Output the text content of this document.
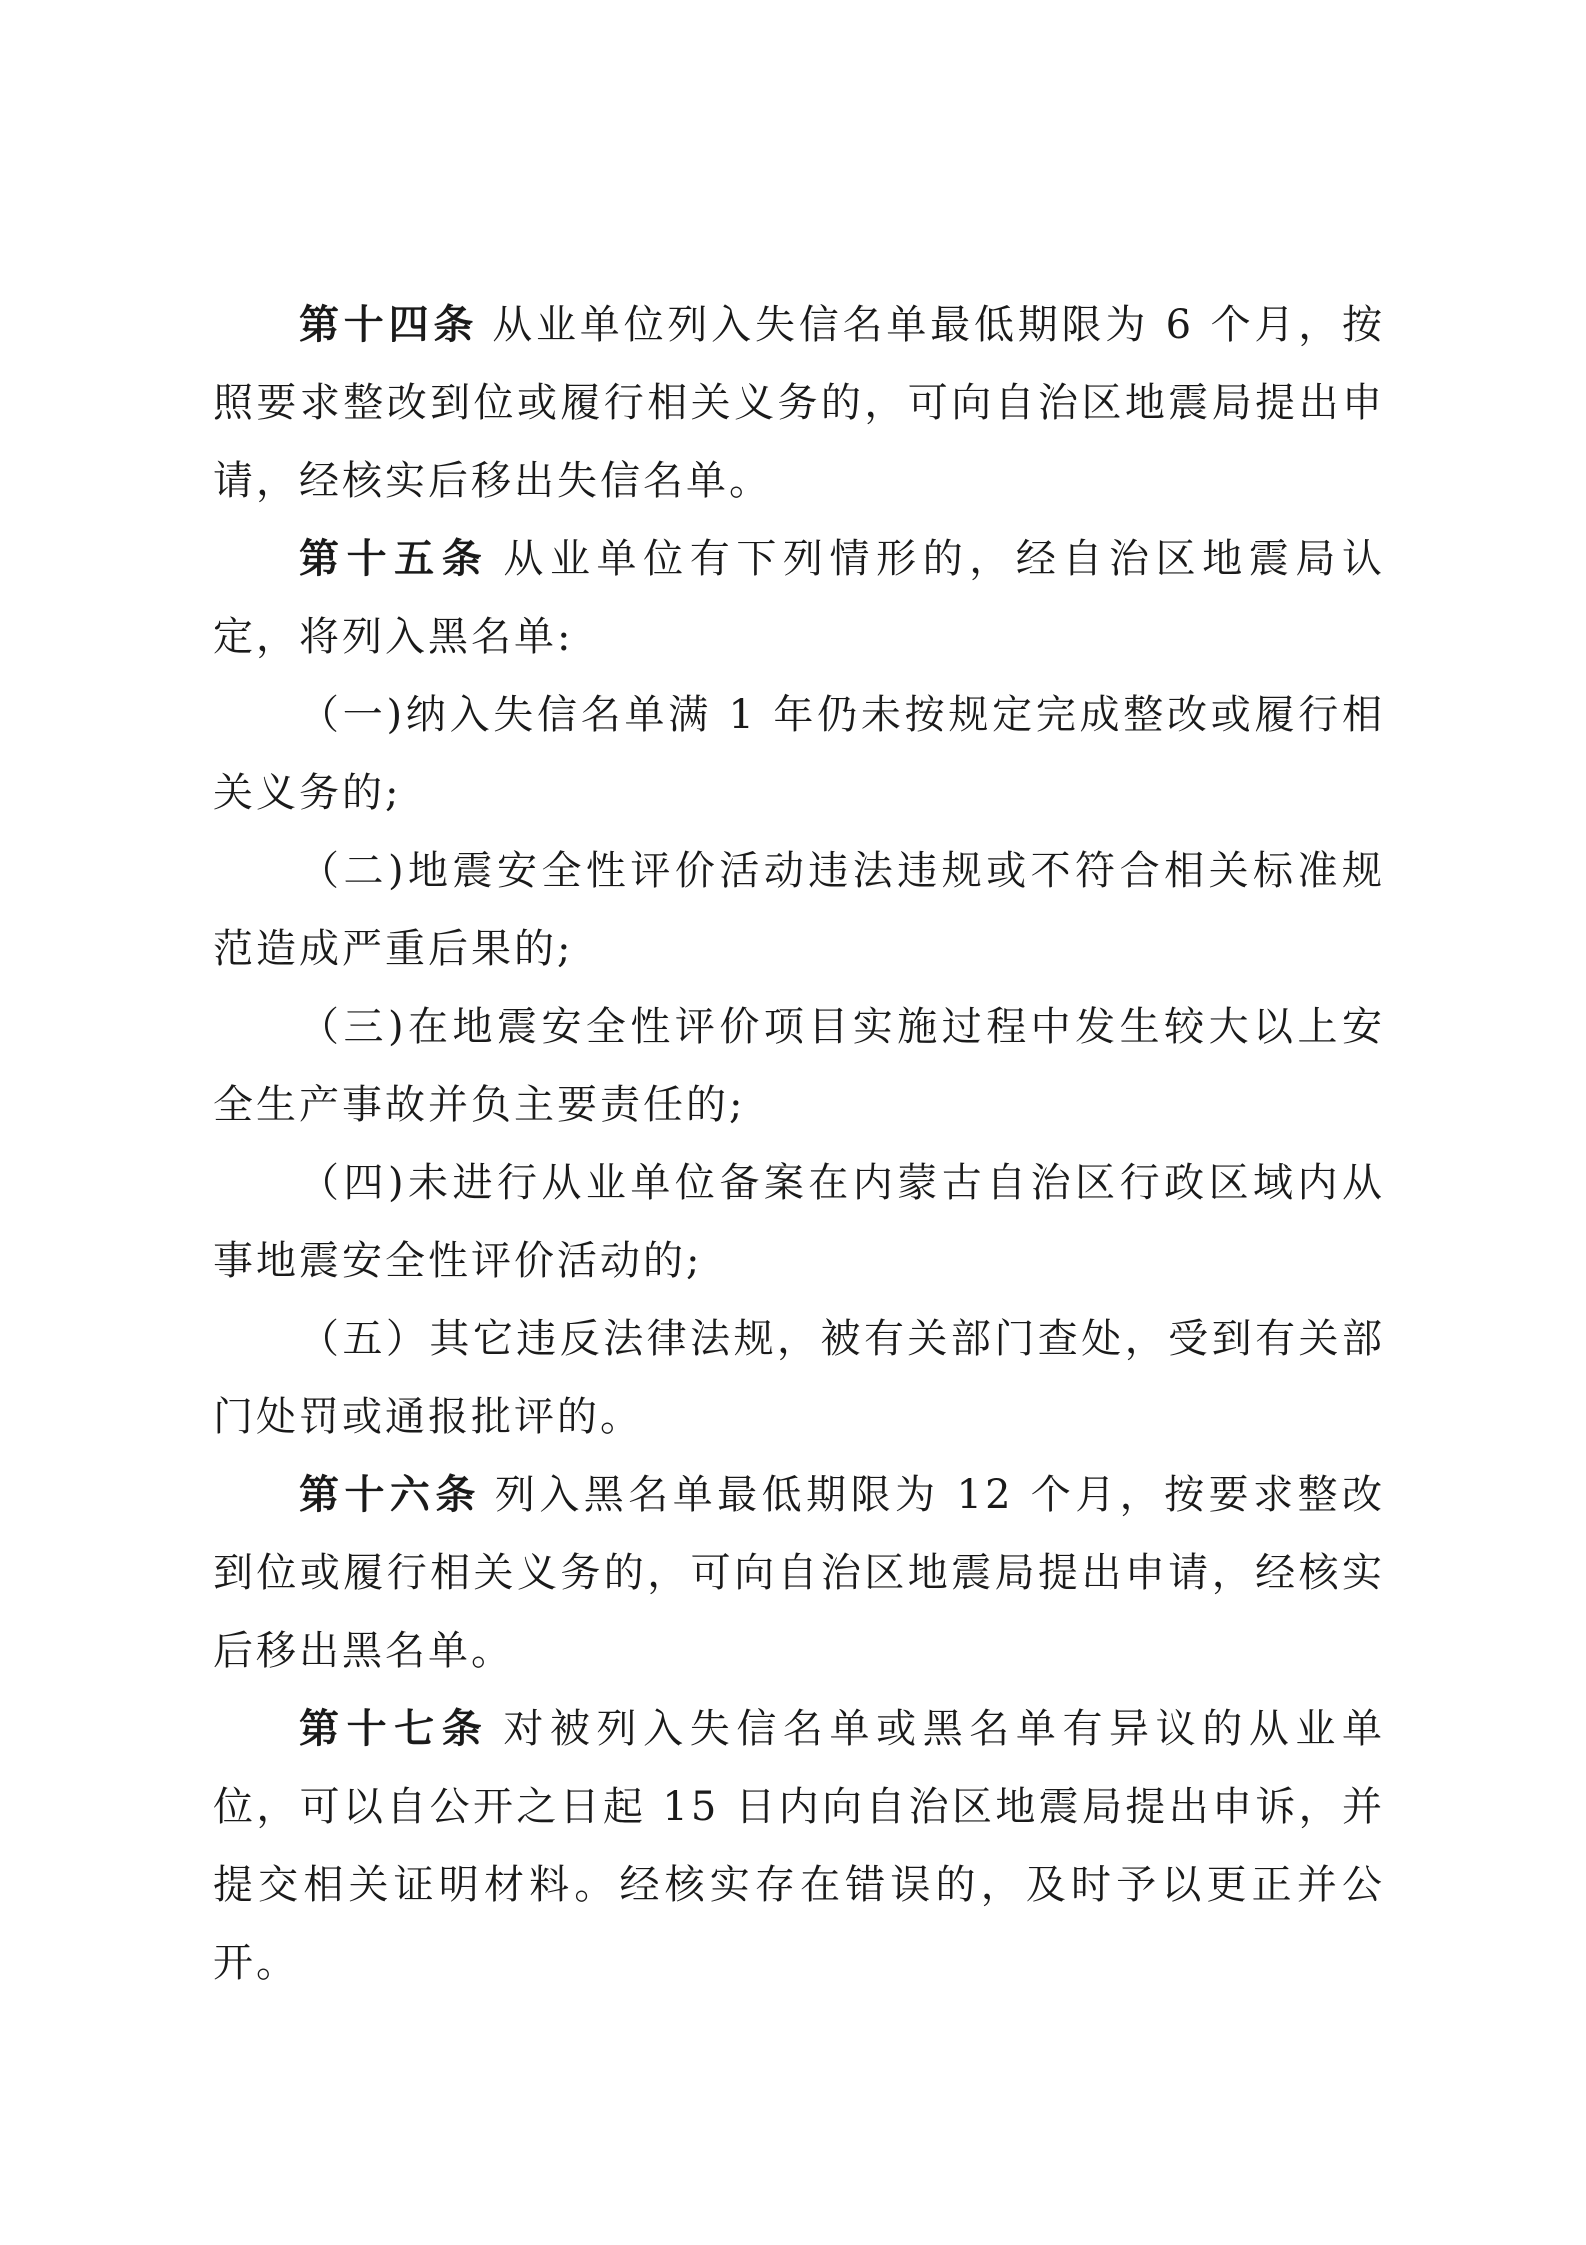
第十四条 从业单位列入失信名单最低期限为 6 个月，按照要求整改到位或履行相关义务的，可向自治区地震局提出申请，经核实后移出失信名单。

第十五条 从业单位有下列情形的，经自治区地震局认定，将列入黑名单:

（一)纳入失信名单满 1 年仍未按规定完成整改或履行相关义务的;

（二)地震安全性评价活动违法违规或不符合相关标准规范造成严重后果的;

（三)在地震安全性评价项目实施过程中发生较大以上安全生产事故并负主要责任的;

（四)未进行从业单位备案在内蒙古自治区行政区域内从事地震安全性评价活动的;

（五）其它违反法律法规，被有关部门查处，受到有关部门处罚或通报批评的。

第十六条 列入黑名单最低期限为 12 个月，按要求整改到位或履行相关义务的，可向自治区地震局提出申请，经核实后移出黑名单。

第十七条 对被列入失信名单或黑名单有异议的从业单位，可以自公开之日起 15 日内向自治区地震局提出申诉，并提交相关证明材料。经核实存在错误的，及时予以更正并公开。
